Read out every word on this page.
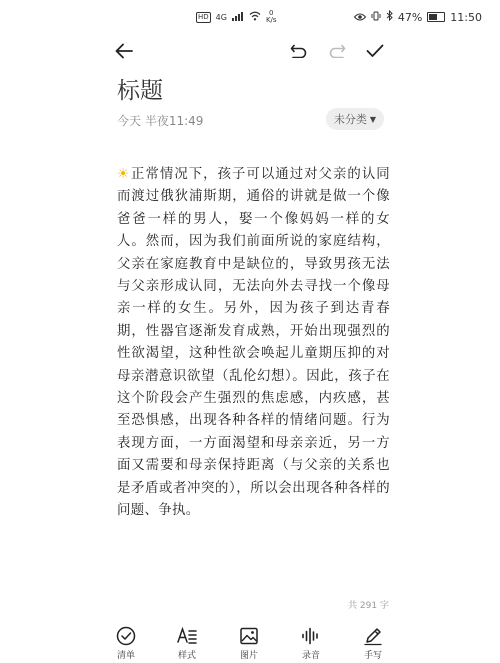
HD 4G	0
K/s	47%	11:50
标题
今天 半夜11:49	未分类 ▼
☀正常情况下，孩子可以通过对父亲的认同而渡过俄狄浦斯期，通俗的讲就是做一个像爸爸一样的男人，娶一个像妈妈一样的女人。然而，因为我们前面所说的家庭结构，父亲在家庭教育中是缺位的，导致男孩无法与父亲形成认同，无法向外去寻找一个像母亲一样的女生。另外，因为孩子到达青春期，性器官逐渐发育成熟，开始出现强烈的性欲渴望，这种性欲会唤起儿童期压抑的对母亲潜意识欲望（乱伦幻想）。因此，孩子在这个阶段会产生强烈的焦虑感，内疚感，甚至恐惧感，出现各种各样的情绪问题。行为表现方面，一方面渴望和母亲亲近，另一方面又需要和母亲保持距离（与父亲的关系也是矛盾或者冲突的），所以会出现各种各样的问题、争执。
共 291 字
清单	样式	图片	录音	手写
